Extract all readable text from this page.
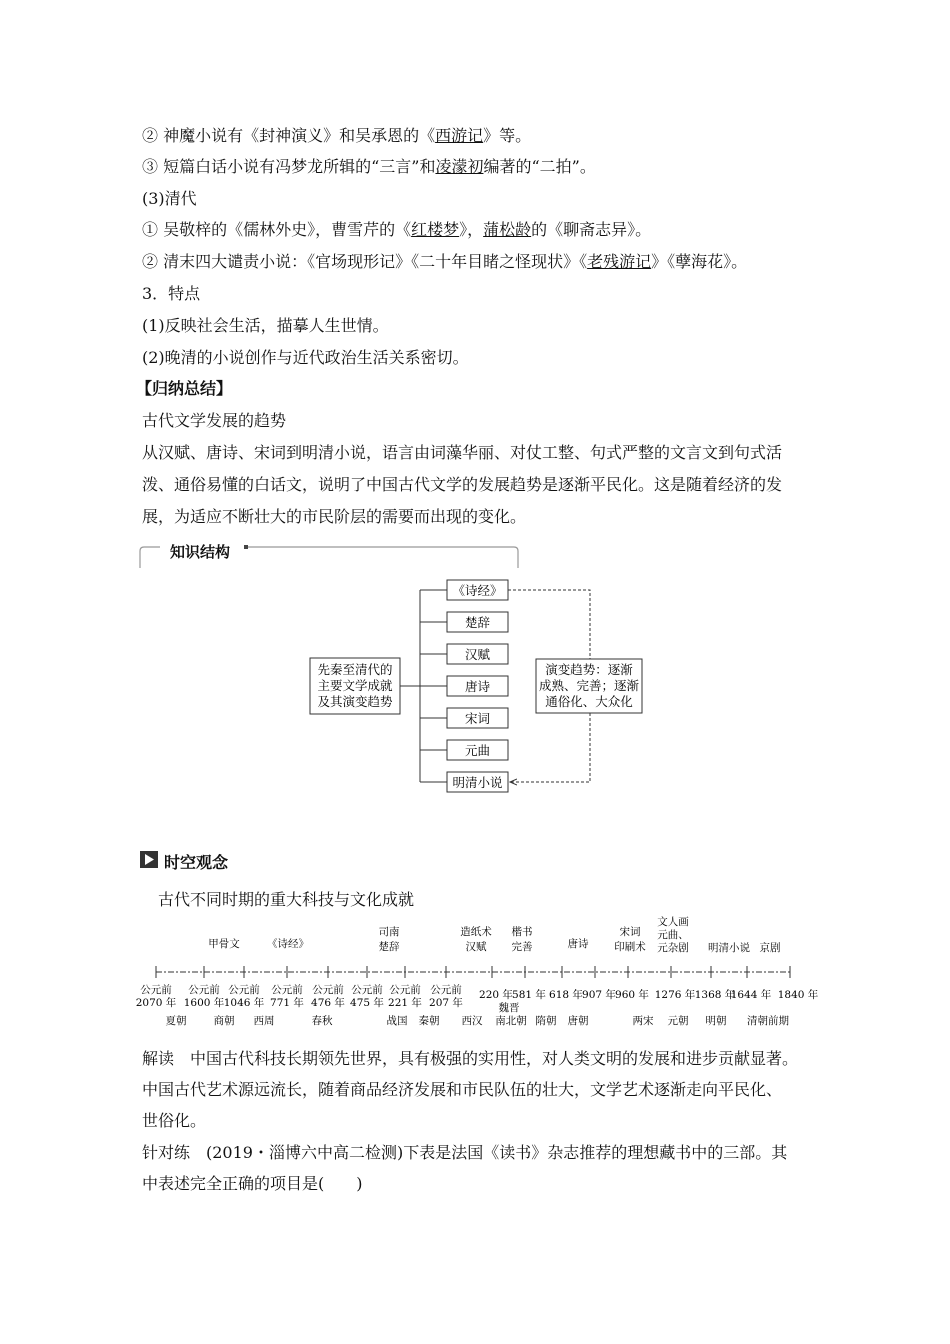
② 神魔小说有《封神演义》和吴承恩的《西游记》等。
③ 短篇白话小说有冯梦龙所辑的“三言”和凌濛初编著的“二拍”。
(3)清代
① 吴敬梓的《儒林外史》，曹雪芹的《红楼梦》，蒲松龄的《聊斋志异》。
② 清末四大谴责小说：《官场现形记》《二十年目睹之怪现状》《老残游记》《孽海花》。
3．特点
(1)反映社会生活，描摹人生世情。
(2)晚清的小说创作与近代政治生活关系密切。
【归纳总结】
古代文学发展的趋势
从汉赋、唐诗、宋词到明清小说，语言由词藻华丽、对仗工整、句式严整的文言文到句式活
泼、通俗易懂的白话文，说明了中国古代文学的发展趋势是逐渐平民化。这是随着经济的发
展，为适应不断壮大的市民阶层的需要而出现的变化。
知识结构
先秦至清代的
主要文学成就
及其演变趋势
《诗经》
楚辞
汉赋
唐诗
宋词
元曲
明清小说
演变趋势：逐渐
成熟、完善；逐渐
通俗化、大众化
时空观念
古代不同时期的重大科技与文化成就
公元前
2070 年
公元前
1600 年
公元前
1046 年
公元前
771 年
公元前
476 年
公元前
475 年
公元前
221 年
公元前
207 年
220 年 581 年 618 年 907 年 960 年 1276 年 1368 年
1644 年 1840 年
甲骨文	《诗经》
司南
楚辞
造纸术
汉赋
楷书
完善	唐诗
宋词
印刷术
文人画
元曲、
元杂剧 明清小说 京剧
魏晋
夏朝	商朝 西周	春秋	战国 秦朝 西汉 南北朝 隋朝 唐朝	两宋 元朝 明朝 清朝前期
解读　中国古代科技长期领先世界，具有极强的实用性，对人类文明的发展和进步贡献显著。
中国古代艺术源远流长，随着商品经济发展和市民队伍的壮大，文学艺术逐渐走向平民化、
世俗化。
针对练　(2019・淄博六中高二检测)下表是法国《读书》杂志推荐的理想藏书中的三部。其
中表述完全正确的项目是(　　)
